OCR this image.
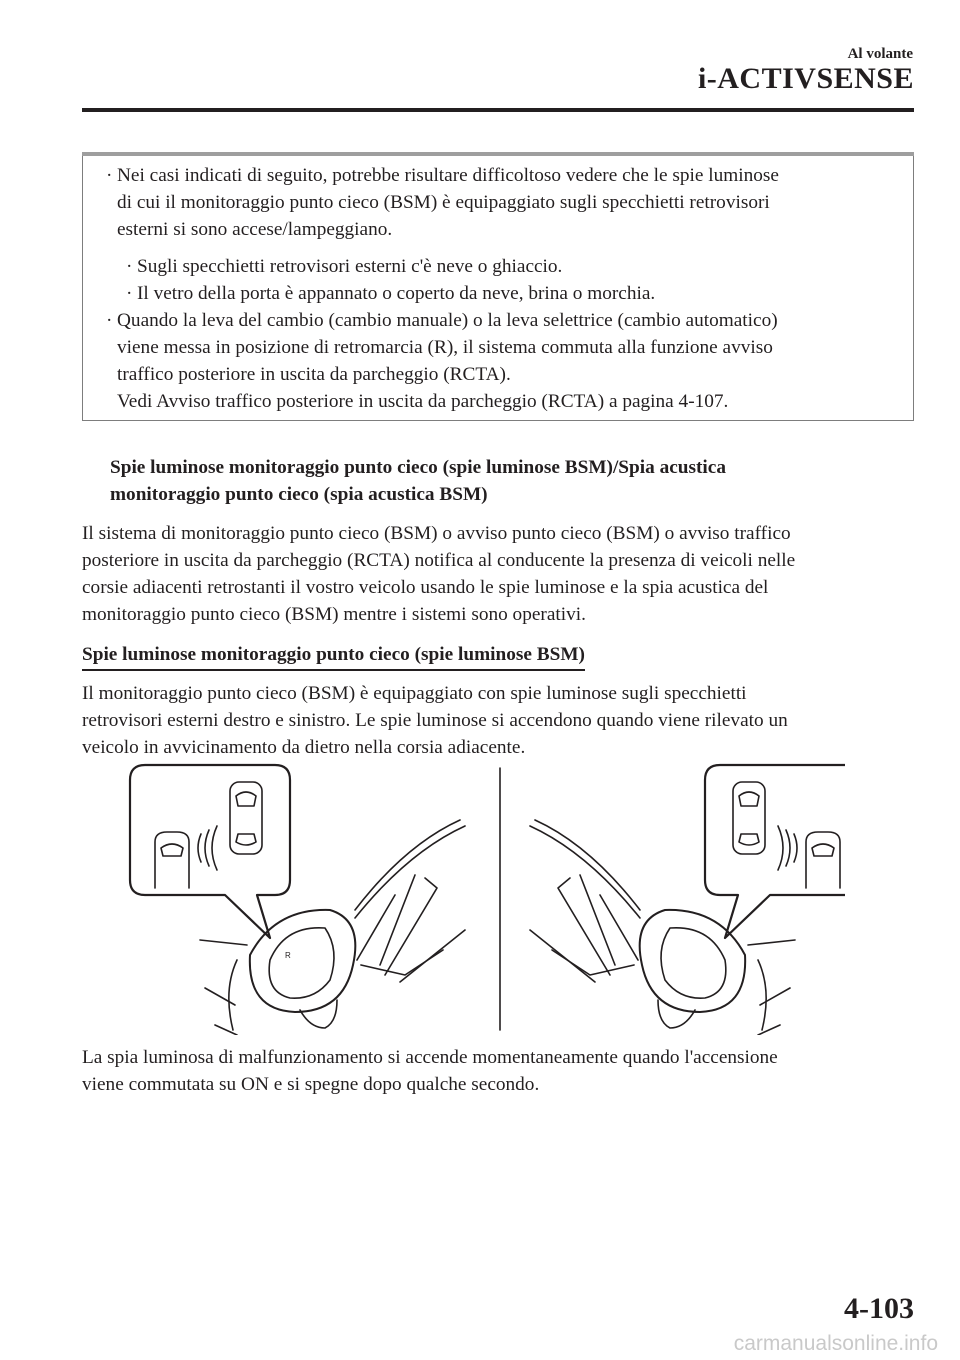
Al volante
i-ACTIVSENSE
· Nei casi indicati di seguito, potrebbe risultare difficoltoso vedere che le spie luminose
di cui il monitoraggio punto cieco (BSM) è equipaggiato sugli specchietti retrovisori
esterni si sono accese/lampeggiano.
· Sugli specchietti retrovisori esterni c'è neve o ghiaccio.
· Il vetro della porta è appannato o coperto da neve, brina o morchia.
· Quando la leva del cambio (cambio manuale) o la leva selettrice (cambio automatico)
viene messa in posizione di retromarcia (R), il sistema commuta alla funzione avviso
traffico posteriore in uscita da parcheggio (RCTA).
Vedi Avviso traffico posteriore in uscita da parcheggio (RCTA) a pagina 4-107.
Spie luminose monitoraggio punto cieco (spie luminose BSM)/Spia acustica
monitoraggio punto cieco (spia acustica BSM)
Il sistema di monitoraggio punto cieco (BSM) o avviso punto cieco (BSM) o avviso traffico
posteriore in uscita da parcheggio (RCTA) notifica al conducente la presenza di veicoli nelle
corsie adiacenti retrostanti il vostro veicolo usando le spie luminose e la spia acustica del
monitoraggio punto cieco (BSM) mentre i sistemi sono operativi.
Spie luminose monitoraggio punto cieco (spie luminose BSM)
Il monitoraggio punto cieco (BSM) è equipaggiato con spie luminose sugli specchietti
retrovisori esterni destro e sinistro. Le spie luminose si accendono quando viene rilevato un
veicolo in avvicinamento da dietro nella corsia adiacente.
R
La spia luminosa di malfunzionamento si accende momentaneamente quando l'accensione
viene commutata su ON e si spegne dopo qualche secondo.
4-103
carmanualsonline.info
